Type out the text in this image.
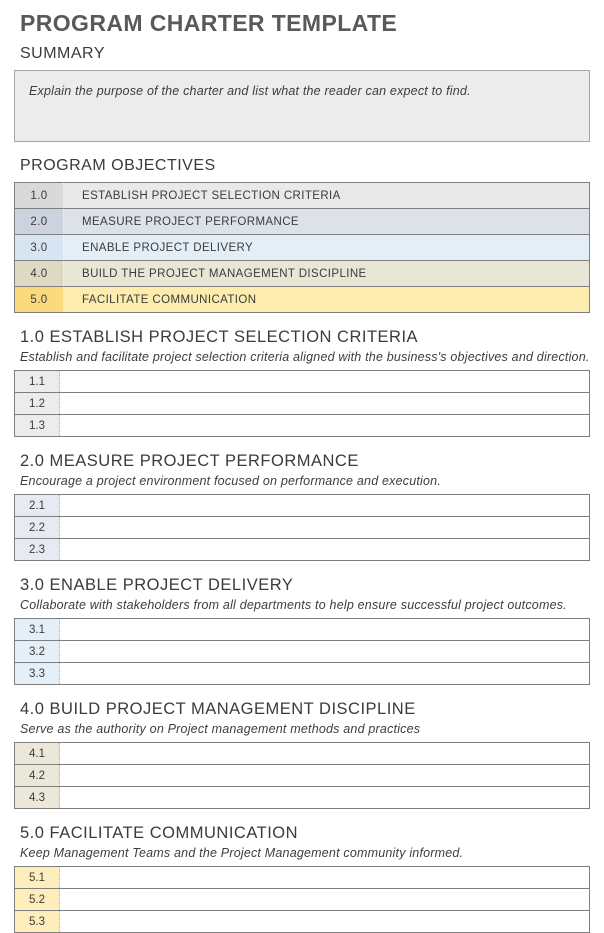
PROGRAM CHARTER TEMPLATE
SUMMARY

Explain the purpose of the charter and list what the reader can expect to find.

PROGRAM OBJECTIVES
1.0	ESTABLISH PROJECT SELECTION CRITERIA
2.0	MEASURE PROJECT PERFORMANCE
3.0	ENABLE PROJECT DELIVERY
4.0	BUILD THE PROJECT MANAGEMENT DISCIPLINE
5.0	FACILITATE COMMUNICATION
1.0 ESTABLISH PROJECT SELECTION CRITERIA

Establish and facilitate project selection criteria aligned with the business's objectives and direction.

1.1	
1.2	
1.3	
2.0 MEASURE PROJECT PERFORMANCE

Encourage a project environment focused on performance and execution.

2.1	
2.2	
2.3	
3.0 ENABLE PROJECT DELIVERY

Collaborate with stakeholders from all departments to help ensure successful project outcomes.

3.1	
3.2	
3.3	
4.0 BUILD PROJECT MANAGEMENT DISCIPLINE

Serve as the authority on Project management methods and practices

4.1	
4.2	
4.3	
5.0 FACILITATE COMMUNICATION

Keep Management Teams and the Project Management community informed.

5.1	
5.2	
5.3	
